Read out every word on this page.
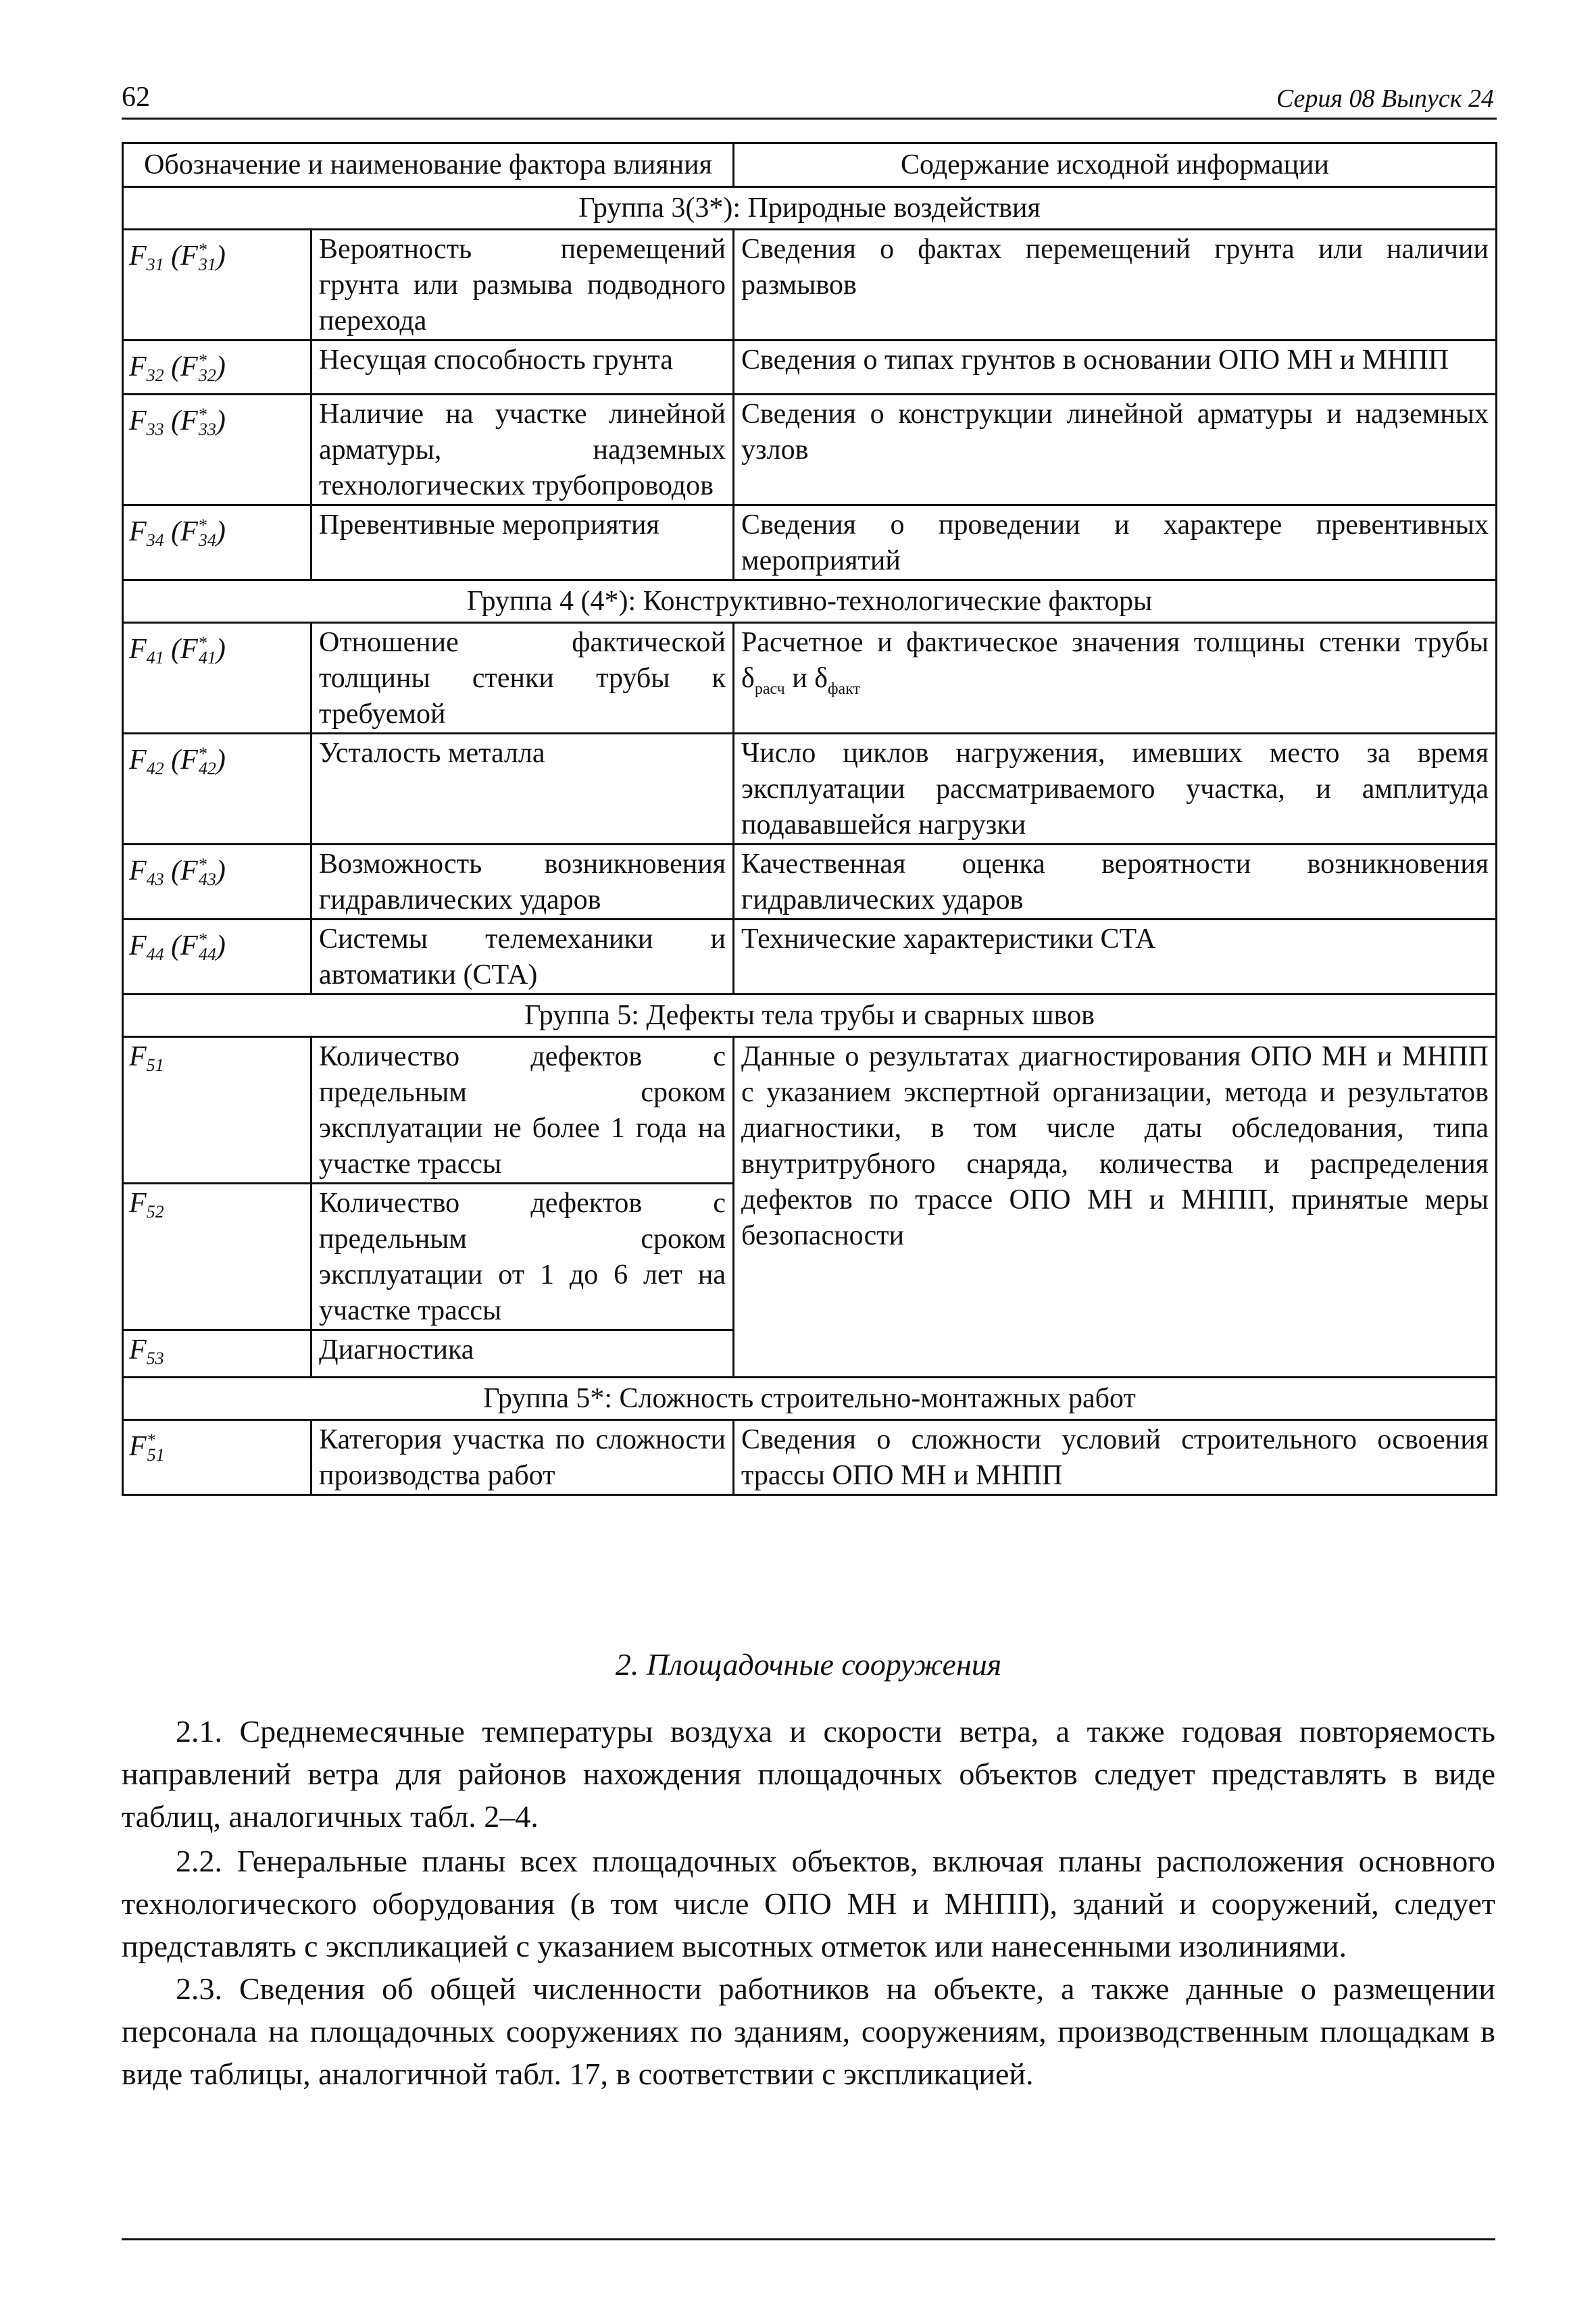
62	Серия 08 Выпуск 24
Обозначение и наименование фактора влияния		Содержание исходной информации
Группа 3(3*): Природные воздействия		
$F_{31}$ $(F^*_{31})$	Вероятность перемещений грунта или размыва подводного перехода	Сведения о фактах перемещений грунта или наличии размывов
$F_{32}$ $(F^*_{32})$	Несущая способность грунта	Сведения о типах грунтов в основании ОПО МН и МНПП
$F_{33}$ $(F^*_{33})$	Наличие на участке линейной арматуры, надземных технологических трубопроводов	Сведения о конструкции линейной арматуры и надземных узлов
$F_{34}$ $(F^*_{34})$	Превентивные мероприятия	Сведения о проведении и характере превентивных мероприятий
Группа 4 (4*): Конструктивно-технологические факторы		
$F_{41}$ $(F^*_{41})$	Отношение фактической толщины стенки трубы к требуемой	Расчетное и фактическое значения толщины стенки трубы $\delta_{расч}$ и $\delta_{факт}$
$F_{42}$ $(F^*_{42})$	Усталость металла	Число циклов нагружения, имевших место за время эксплуатации рассматриваемого участка, и амплитуда подававшейся нагрузки
$F_{43}$ $(F^*_{43})$	Возможность возникновения гидравлических ударов	Качественная оценка вероятности возникновения гидравлических ударов
$F_{44}$ $(F^*_{44})$	Системы телемеханики и автоматики (СТА)	Технические характеристики СТА
Группа 5: Дефекты тела трубы и сварных швов		
$F_{51}$	Количество дефектов с предельным сроком эксплуатации не более 1 года на участке трассы	Данные о результатах диагностирования ОПО МН и МНПП с указанием экспертной организации, метода и результатов диагностики, в том числе даты обследования, типа внутритрубного снаряда, количества и распределения дефектов по трассе ОПО МН и МНПП, принятые меры безопасности
$F_{52}$	Количество дефектов с предельным сроком эксплуатации от 1 до 6 лет на участке трассы	
$F_{53}$	Диагностика	
Группа 5*: Сложность строительно-монтажных работ		
$F^*_{51}$	Категория участка по сложности производства работ	Сведения о сложности условий строительного освоения трассы ОПО МН и МНПП
2. Площадочные сооружения

2.1. Среднемесячные температуры воздуха и скорости ветра, а также годовая повторяемость направлений ветра для районов нахождения площадочных объектов следует представлять в виде таблиц, аналогичных табл. 2–4.

2.2. Генеральные планы всех площадочных объектов, включая планы расположения основного технологического оборудования (в том числе ОПО МН и МНПП), зданий и сооружений, следует представлять с экспликацией с указанием высотных отметок или нанесенными изолиниями.

2.3. Сведения об общей численности работников на объекте, а также данные о размещении персонала на площадочных сооружениях по зданиям, сооружениям, производственным площадкам в виде таблицы, аналогичной табл. 17, в соответствии с экспликацией.
